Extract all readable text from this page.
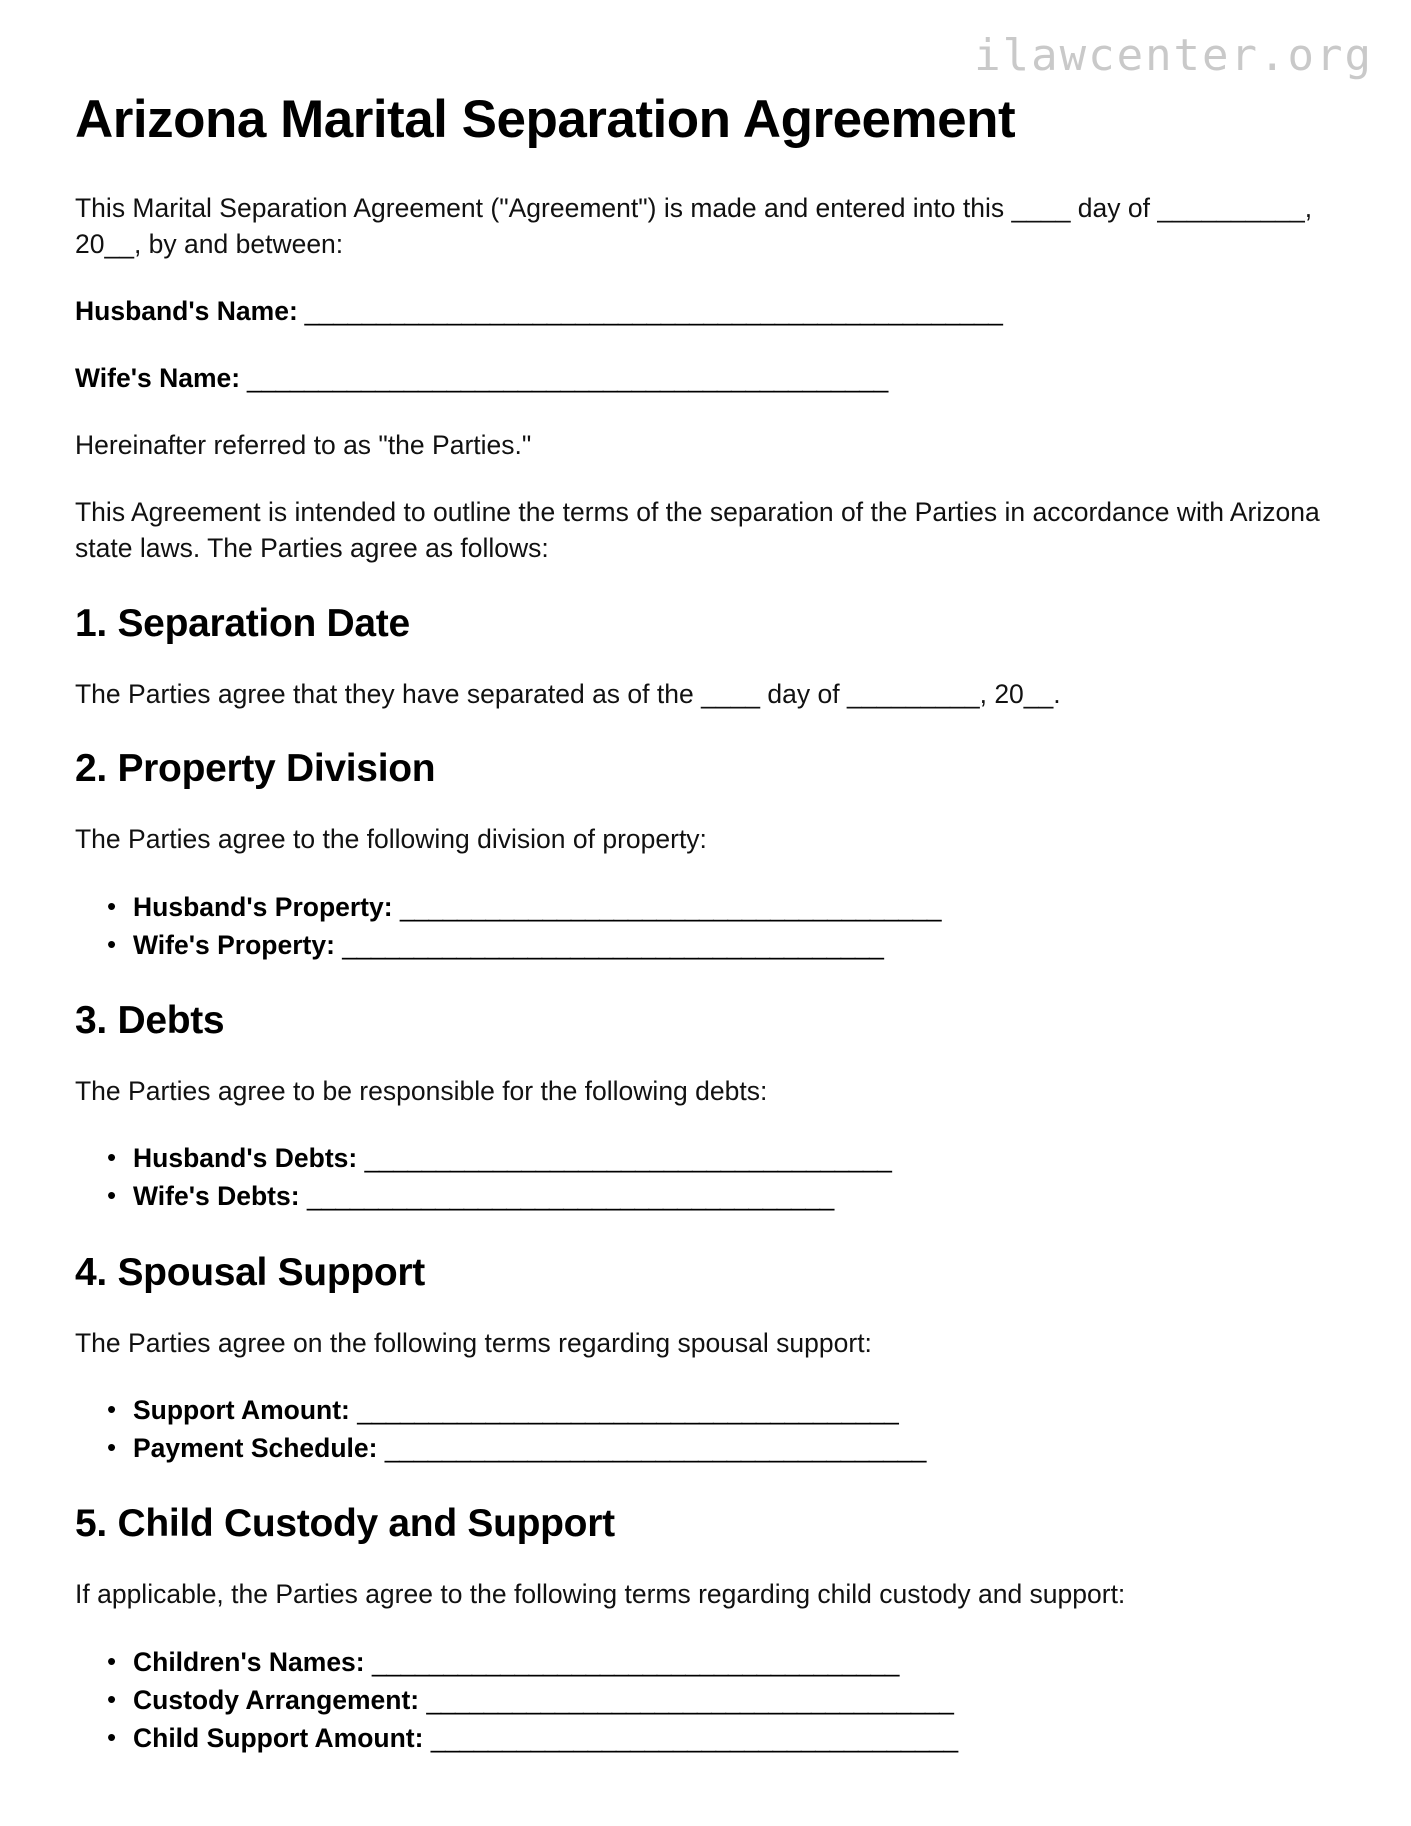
ilawcenter.org
Arizona Marital Separation Agreement

This Marital Separation Agreement ("Agreement") is made and entered into this ____ day of __________, 20__, by and between:

Husband's Name: _________________________________________________

Wife's Name: _____________________________________________

Hereinafter referred to as "the Parties."

This Agreement is intended to outline the terms of the separation of the Parties in accordance with Arizona state laws. The Parties agree as follows:

1. Separation Date

The Parties agree that they have separated as of the ____ day of _________, 20__.

2. Property Division

The Parties agree to the following division of property:

• Husband's Property: ______________________________________
• Wife's Property: ______________________________________
3. Debts

The Parties agree to be responsible for the following debts:

• Husband's Debts: _____________________________________
• Wife's Debts: _____________________________________
4. Spousal Support

The Parties agree on the following terms regarding spousal support:

• Support Amount: ______________________________________
• Payment Schedule: ______________________________________
5. Child Custody and Support

If applicable, the Parties agree to the following terms regarding child custody and support:

• Children's Names: _____________________________________
• Custody Arrangement: _____________________________________
• Child Support Amount: _____________________________________
